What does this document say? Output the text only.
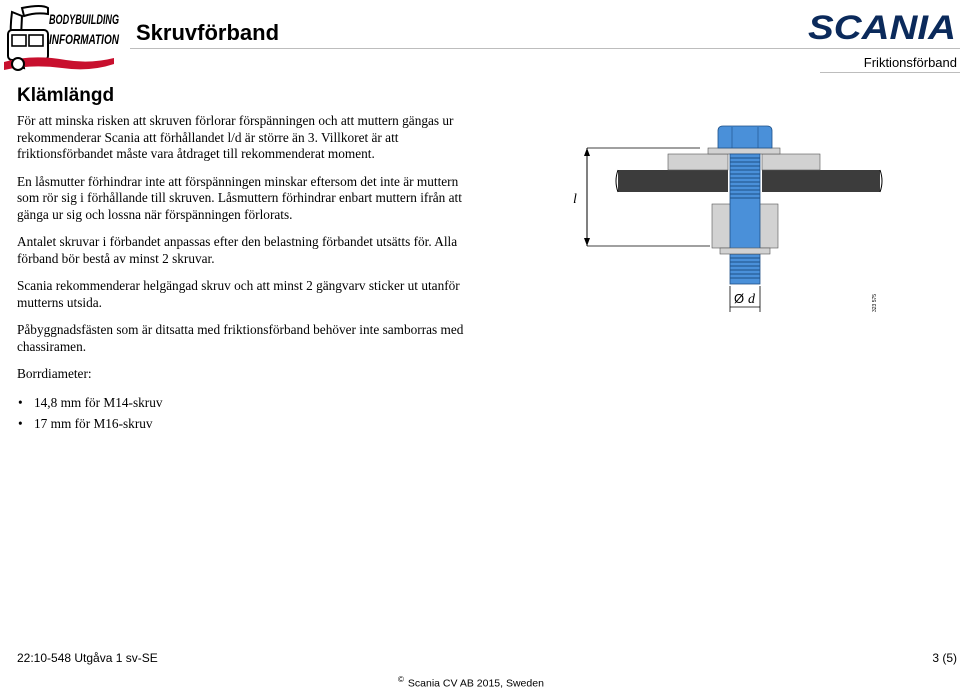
BODYBUILDING
INFORMATION Skruvförband	SCANIA
Friktionsförband
Klämlängd

För att minska risken att skruven förlorar förspänningen och att muttern gängas ur rekommenderar Scania att förhållandet l/d är större än 3. Villkoret är att friktionsförbandet måste vara åtdraget till rekommenderat moment.

En låsmutter förhindrar inte att förspänningen minskar eftersom det inte är muttern som rör sig i förhållande till skruven. Låsmuttern förhindrar enbart muttern ifrån att gänga ur sig och lossna när förspänningen förlorats.

Antalet skruvar i förbandet anpassas efter den belastning förbandet utsätts för. Alla förband bör bestå av minst 2 skruvar.

Scania rekommenderar helgängad skruv och att minst 2 gängvarv sticker ut utanför mutterns utsida.

Påbyggnadsfästen som är ditsatta med friktionsförband behöver inte samborras med chassiramen.

Borrdiameter:

• 14,8 mm för M14-skruv
• 17 mm för M16-skruv
l
Ø d	323 575
22:10-548 Utgåva 1 sv-SE	3 (5)
© Scania CV AB 2015, Sweden
